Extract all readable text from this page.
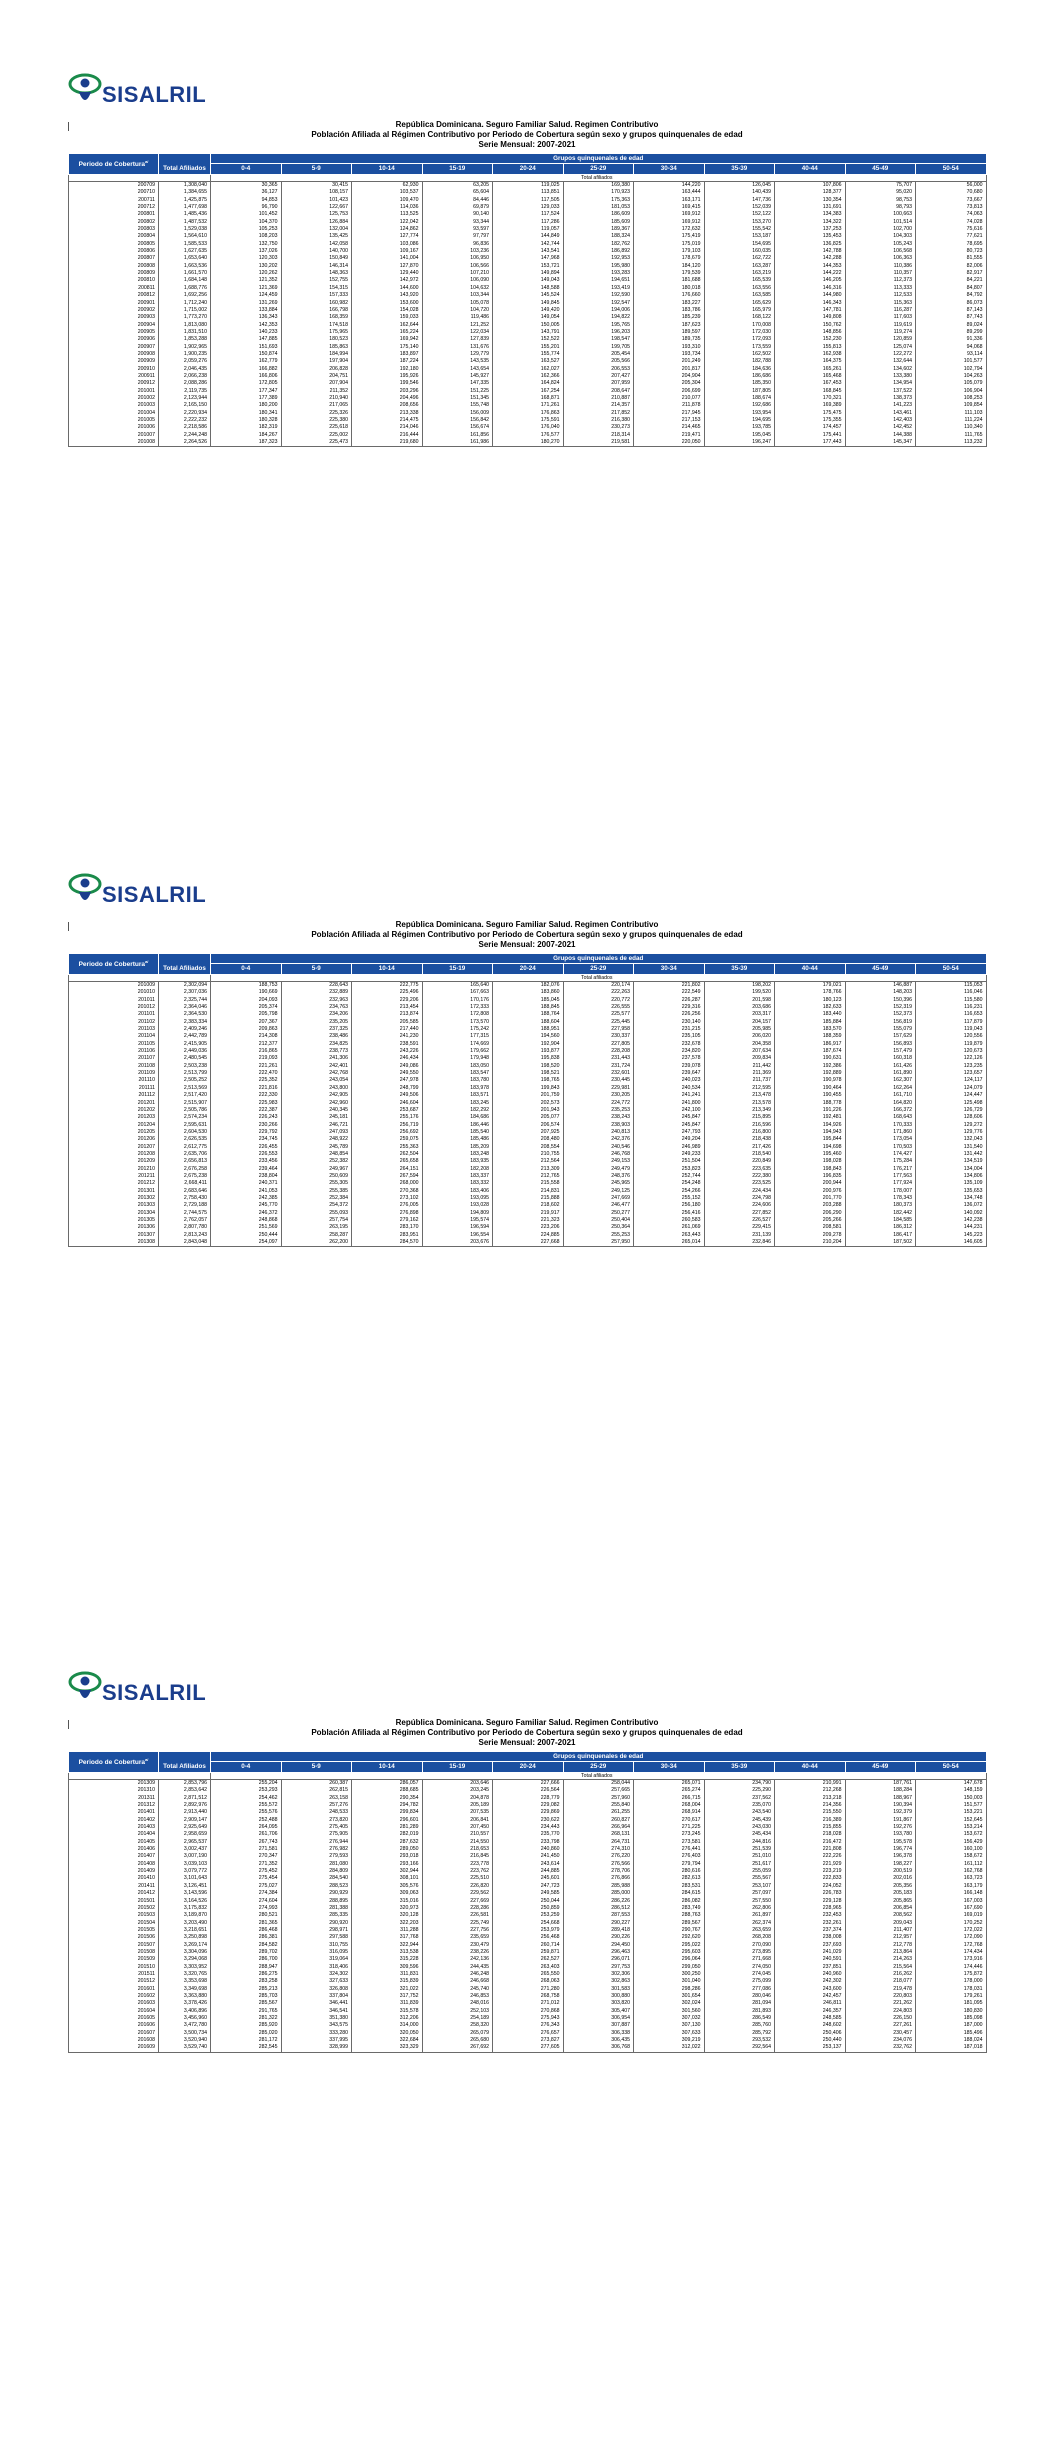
SISALRIL
República Dominicana. Seguro Familiar Salud. Regimen Contributivo
Población Afiliada al Régimen Contributivo por Periodo de Cobertura según sexo y grupos quinquenales de edad
Serie Mensual: 2007-2021
Periodo de Cobertura$^{a/}$	Total Afiliados	Grupos quinquenales de edad										
		0-4	5-9	10-14	15-19	20-24	25-29	30-34	35-39	40-44	45-49	50-54
		Total afiliados										
200709	1,308,040	30,365	30,415	62,930	63,205	119,025	169,380	144,220	126,045	107,806	75,707	56,000
200710	1,384,655	36,127	108,157	103,537	65,604	113,851	170,923	163,444	140,439	128,377	95,020	70,680
200711	1,425,875	94,853	101,423	109,470	84,446	117,505	175,363	163,171	147,736	130,354	98,753	73,667
200712	1,477,698	96,790	122,667	114,036	69,879	129,033	181,053	169,415	152,039	131,691	98,793	73,813
200801	1,485,436	101,452	125,753	113,525	90,140	117,524	186,609	169,912	152,122	134,383	100,663	74,063
200802	1,487,532	104,370	126,884	122,042	93,344	117,286	185,609	169,912	153,270	134,322	101,514	74,028
200803	1,529,038	105,253	132,004	124,862	93,597	119,057	189,367	172,632	155,542	137,253	102,700	75,616
200804	1,564,610	108,203	135,425	127,774	97,797	144,849	188,324	175,419	153,187	135,453	104,303	77,621
200805	1,585,533	132,750	142,058	103,086	96,836	142,744	182,762	175,019	154,695	136,825	105,243	78,695
200806	1,627,635	137,026	140,700	109,167	103,236	143,541	186,892	179,103	160,035	142,788	106,568	80,723
200807	1,653,640	120,303	150,849	141,004	106,950	147,968	192,953	178,679	162,722	142,288	106,363	81,555
200808	1,663,536	130,202	146,314	127,870	106,566	153,721	195,980	184,120	163,287	144,353	110,386	82,006
200809	1,661,570	120,262	148,363	129,440	107,210	149,894	193,283	179,539	163,219	144,222	110,357	82,917
200810	1,684,148	121,352	152,755	142,972	106,090	149,043	194,651	181,688	165,539	146,205	112,373	84,221
200811	1,688,776	121,369	154,315	144,600	104,632	148,588	193,419	180,018	163,556	146,316	113,333	84,807
200812	1,692,256	124,459	157,333	143,920	103,344	145,524	192,590	176,660	163,585	144,980	112,533	84,792
200901	1,712,240	131,269	160,982	153,600	105,078	149,845	192,547	183,227	165,629	146,343	115,363	86,073
200902	1,715,002	133,884	166,798	154,028	104,720	149,420	194,006	183,786	165,979	147,781	116,287	87,143
200903	1,773,270	136,343	168,359	159,033	119,486	149,054	194,822	185,239	168,122	149,808	117,603	87,743
200904	1,813,080	142,353	174,518	162,644	121,252	150,005	195,765	187,623	170,008	150,762	119,619	89,024
200905	1,831,510	140,233	175,965	165,224	122,034	143,791	196,203	189,597	172,030	148,856	119,274	89,299
200906	1,853,288	147,885	180,523	169,942	127,839	152,522	198,547	189,735	172,093	152,230	120,859	91,336
200907	1,902,965	151,693	185,863	175,140	131,676	155,201	199,705	193,310	173,559	155,813	125,074	94,068
200908	1,900,235	150,874	184,994	183,897	129,779	155,774	205,454	193,734	162,502	162,938	122,272	93,114
200909	2,059,276	162,779	197,904	187,224	143,535	163,527	205,566	201,249	182,788	164,375	132,644	101,577
200910	2,046,435	166,882	206,828	192,180	143,654	162,027	206,553	201,817	184,636	165,261	134,602	102,794
200911	2,066,238	166,806	204,751	195,926	145,927	162,366	207,427	204,904	186,686	165,468	133,380	104,263
200912	2,088,286	172,805	207,904	199,546	147,335	164,824	207,959	205,304	185,350	167,453	134,954	105,079
201001	2,119,735	177,347	211,352	203,296	151,225	167,254	208,647	206,699	187,805	168,845	137,522	106,904
201002	2,123,944	177,389	210,940	204,496	151,345	168,871	210,887	210,077	188,674	170,321	138,373	108,253
201003	2,165,150	180,200	217,065	208,656	155,748	171,261	214,357	211,878	192,686	169,389	141,223	109,854
201004	2,220,934	180,341	225,326	213,338	156,009	176,863	217,852	217,945	193,954	175,475	143,461	111,103
201005	2,222,232	180,328	225,380	214,475	156,842	175,591	216,380	217,153	194,695	175,355	142,403	111,224
201006	2,218,586	182,319	225,618	214,046	156,674	176,040	230,273	214,465	193,785	174,457	142,452	110,340
201007	2,244,248	184,267	225,002	216,444	161,856	176,577	218,314	219,471	195,045	175,441	144,388	111,765
201008	2,264,526	187,323	225,473	219,680	161,986	180,270	219,581	220,050	196,247	177,443	145,347	113,232
SISALRIL
República Dominicana. Seguro Familiar Salud. Regimen Contributivo
Población Afiliada al Régimen Contributivo por Periodo de Cobertura según sexo y grupos quinquenales de edad
Serie Mensual: 2007-2021
Periodo de Cobertura$^{a/}$	Total Afiliados	Grupos quinquenales de edad										
		0-4	5-9	10-14	15-19	20-24	25-29	30-34	35-39	40-44	45-49	50-54
		Total afiliados										
201009	2,302,094	188,753	228,643	222,775	165,640	182,076	220,174	221,802	198,202	179,021	146,887	115,053
201010	2,307,036	190,669	232,889	225,496	167,663	183,860	222,263	222,549	199,520	178,766	148,203	116,046
201011	2,325,744	204,093	232,963	229,206	170,176	185,045	220,772	226,287	201,598	180,123	150,396	115,580
201012	2,364,046	205,374	234,763	213,454	172,333	188,845	226,555	229,316	203,686	182,633	152,319	116,231
201101	2,364,530	205,798	234,206	213,874	172,808	188,764	225,577	226,256	203,317	183,440	152,373	116,653
201102	2,383,334	207,367	235,205	205,585	173,570	188,604	225,445	230,140	204,157	185,884	156,819	117,879
201103	2,409,246	209,863	237,325	217,440	175,242	188,951	227,958	231,215	205,985	183,570	155,079	119,043
201104	2,442,789	214,308	238,486	241,230	177,315	194,560	230,337	235,105	206,020	188,359	157,629	120,556
201105	2,415,905	212,377	234,825	238,591	174,669	192,904	227,805	232,678	204,358	186,917	156,893	119,879
201106	2,449,036	216,865	238,773	243,226	179,662	193,877	228,208	234,820	207,634	187,674	157,479	120,673
201107	2,480,545	219,093	241,306	246,434	179,948	195,838	231,443	237,578	209,834	190,631	160,318	122,126
201108	2,503,238	221,261	242,401	249,086	183,050	198,520	231,724	239,078	211,442	192,386	161,426	123,235
201109	2,513,799	222,470	242,768	249,550	183,547	198,521	232,601	239,647	211,369	192,889	161,890	123,657
201110	2,505,252	225,352	243,054	247,978	183,780	198,765	230,445	240,023	211,737	190,978	162,307	124,117
201111	2,513,569	221,816	243,800	248,799	183,978	199,843	229,981	240,534	212,595	190,464	162,264	124,079
201112	2,517,420	222,330	242,905	249,506	183,571	201,759	230,205	241,241	213,478	190,455	161,710	124,447
201201	2,515,907	225,983	242,960	246,604	183,245	202,573	224,772	241,800	213,578	188,778	164,820	125,498
201202	2,505,786	222,387	240,345	253,687	182,292	201,943	235,253	242,100	213,349	191,226	166,372	126,729
201203	2,574,234	226,243	245,181	255,176	184,686	205,077	238,243	245,847	215,895	192,481	168,643	128,606
201204	2,595,631	230,266	246,721	256,719	186,446	206,574	238,903	245,847	216,596	194,926	170,333	129,272
201205	2,604,530	229,792	247,093	256,692	185,540	207,925	240,813	247,793	216,800	194,943	171,860	129,776
201206	2,626,535	234,745	248,922	259,075	185,486	208,480	242,376	249,204	218,438	195,844	173,054	132,043
201207	2,612,775	226,455	245,789	255,363	185,209	208,554	240,546	246,989	217,426	194,698	170,503	131,540
201208	2,635,706	226,553	248,854	262,504	183,248	210,755	246,768	249,233	218,540	195,460	174,427	131,442
201209	2,656,813	233,456	252,382	265,658	183,935	212,564	249,153	251,504	220,849	198,028	175,284	134,519
201210	2,676,258	239,464	249,967	264,151	182,208	213,309	249,479	253,823	223,635	198,843	176,217	134,004
201211	2,675,238	238,804	250,609	267,594	183,337	212,765	248,376	252,744	222,380	196,835	177,563	134,806
201212	2,668,411	240,371	255,305	268,000	183,332	215,558	245,965	254,248	223,525	200,944	177,924	135,109
201301	2,683,646	241,053	255,385	270,368	183,406	214,831	249,125	254,266	224,434	200,976	178,007	135,653
201302	2,758,430	242,385	252,384	273,102	193,095	215,888	247,669	255,152	224,798	201,770	178,343	134,748
201303	2,729,188	245,770	254,372	276,005	193,028	218,602	246,477	256,180	224,606	203,288	180,373	136,072
201304	2,744,575	246,372	255,093	276,898	194,809	219,917	250,277	256,416	227,852	206,290	182,442	140,092
201305	2,762,057	248,868	257,754	279,162	195,574	221,323	250,404	260,583	226,527	205,266	184,585	142,238
201306	2,807,780	251,569	263,195	283,170	196,594	223,206	250,364	261,069	229,415	208,581	186,312	144,231
201307	2,813,243	250,444	258,287	283,951	196,554	224,885	255,253	263,443	231,139	209,278	186,417	145,223
201308	2,843,048	254,097	262,200	284,570	203,676	227,668	257,950	265,014	232,846	210,204	187,502	146,605
SISALRIL
República Dominicana. Seguro Familiar Salud. Regimen Contributivo
Población Afiliada al Régimen Contributivo por Periodo de Cobertura según sexo y grupos quinquenales de edad
Serie Mensual: 2007-2021
Periodo de Cobertura$^{a/}$	Total Afiliados	Grupos quinquenales de edad										
		0-4	5-9	10-14	15-19	20-24	25-29	30-34	35-39	40-44	45-49	50-54
		Total afiliados										
201309	2,853,796	255,204	260,387	286,057	203,646	227,666	258,044	265,071	234,790	210,991	187,761	147,678
201310	2,853,642	253,293	262,815	288,685	203,245	226,564	257,665	265,274	225,290	212,268	188,284	148,159
201311	2,871,512	254,462	263,158	290,354	204,878	228,779	257,960	266,715	237,562	213,218	188,967	150,003
201312	2,892,976	255,572	257,276	294,782	205,189	229,082	255,840	268,004	235,070	214,356	190,394	151,577
201401	2,913,440	255,576	248,533	299,834	207,535	229,869	261,255	268,914	243,540	215,550	192,379	153,221
201402	2,909,147	252,488	273,820	296,601	206,841	230,622	260,827	270,617	245,439	216,389	191,867	152,645
201403	2,925,649	264,095	275,405	281,289	207,450	234,443	266,964	271,225	243,030	215,855	192,276	153,214
201404	2,958,659	261,706	275,905	282,019	210,557	235,770	268,131	273,245	245,434	218,028	193,780	153,672
201405	2,965,537	267,743	276,944	287,632	214,550	233,798	264,731	273,581	244,816	216,472	195,578	156,429
201406	3,002,437	271,581	276,982	289,050	218,653	240,860	274,310	276,441	251,539	221,808	196,774	160,100
201407	3,007,190	270,347	279,593	293,018	216,845	241,450	276,220	276,403	251,010	222,226	196,378	158,672
201408	3,039,103	271,352	281,080	293,166	223,778	243,614	276,566	279,794	251,617	221,929	198,227	161,112
201409	3,079,772	275,452	284,809	302,944	223,762	244,885	278,706	280,616	255,059	223,219	200,519	162,768
201410	3,101,643	275,454	284,540	308,101	225,510	245,601	276,866	282,613	255,567	222,833	202,016	163,723
201411	3,126,451	275,027	288,523	305,576	226,820	247,723	285,988	283,531	253,107	224,052	205,356	163,179
201412	3,143,596	274,384	290,929	309,063	229,562	249,585	285,000	284,615	257,097	226,783	205,183	166,148
201501	3,164,526	274,604	288,895	315,016	227,669	250,044	286,226	286,082	257,550	229,128	205,865	167,003
201502	3,175,832	274,993	281,388	320,973	228,286	250,859	286,512	283,749	262,806	228,965	206,854	167,690
201503	3,189,870	280,521	285,335	320,128	226,581	253,259	287,553	288,763	261,897	232,453	208,562	169,019
201504	3,203,490	281,365	290,920	322,203	225,749	254,668	290,227	289,567	262,374	232,261	209,043	170,252
201505	3,218,651	286,468	298,971	311,288	227,756	253,979	289,418	290,767	263,659	237,374	211,407	172,022
201506	3,250,898	286,381	297,588	317,768	235,659	256,468	290,226	292,620	268,208	238,008	212,957	172,090
201507	3,269,174	284,582	310,755	322,944	230,479	260,714	294,450	295,022	270,090	237,693	212,778	172,768
201508	3,304,096	289,702	316,095	313,538	238,226	259,871	296,463	295,603	273,895	241,029	213,864	174,434
201509	3,294,068	286,700	319,064	315,228	242,136	262,527	296,071	296,064	271,668	240,591	214,263	173,916
201510	3,303,952	288,947	318,406	309,596	244,435	263,403	297,753	299,050	274,050	237,851	215,564	174,446
201511	3,320,765	286,275	324,302	311,831	246,248	265,550	302,306	300,250	274,045	240,960	216,262	175,872
201512	3,353,698	283,258	327,633	315,839	246,668	268,063	302,863	301,040	275,099	242,302	218,077	178,000
201601	3,349,698	285,213	326,808	321,022	245,740	271,280	301,583	298,286	277,086	243,600	219,478	178,031
201602	3,363,880	285,703	337,804	317,752	246,853	268,758	300,880	301,654	280,046	242,457	220,803	179,261
201603	3,378,426	285,567	346,441	311,839	248,016	271,012	303,820	302,024	281,094	246,811	221,262	181,095
201604	3,406,896	291,765	346,541	315,578	252,103	270,868	305,407	301,560	281,893	246,357	224,803	180,830
201605	3,456,960	281,322	351,380	312,206	254,189	275,943	306,954	307,032	286,549	248,585	226,150	185,098
201606	3,472,780	285,920	343,575	314,000	258,320	276,343	307,887	307,130	285,760	248,602	227,261	187,000
201607	3,500,734	285,020	333,280	320,050	265,079	276,657	306,338	307,633	285,792	250,406	230,457	185,496
201608	3,520,940	281,172	337,995	322,684	265,680	273,827	306,435	309,219	293,532	250,440	234,076	188,024
201609	3,529,740	282,545	328,999	323,329	267,692	277,605	306,768	312,022	292,564	253,137	232,762	187,018
